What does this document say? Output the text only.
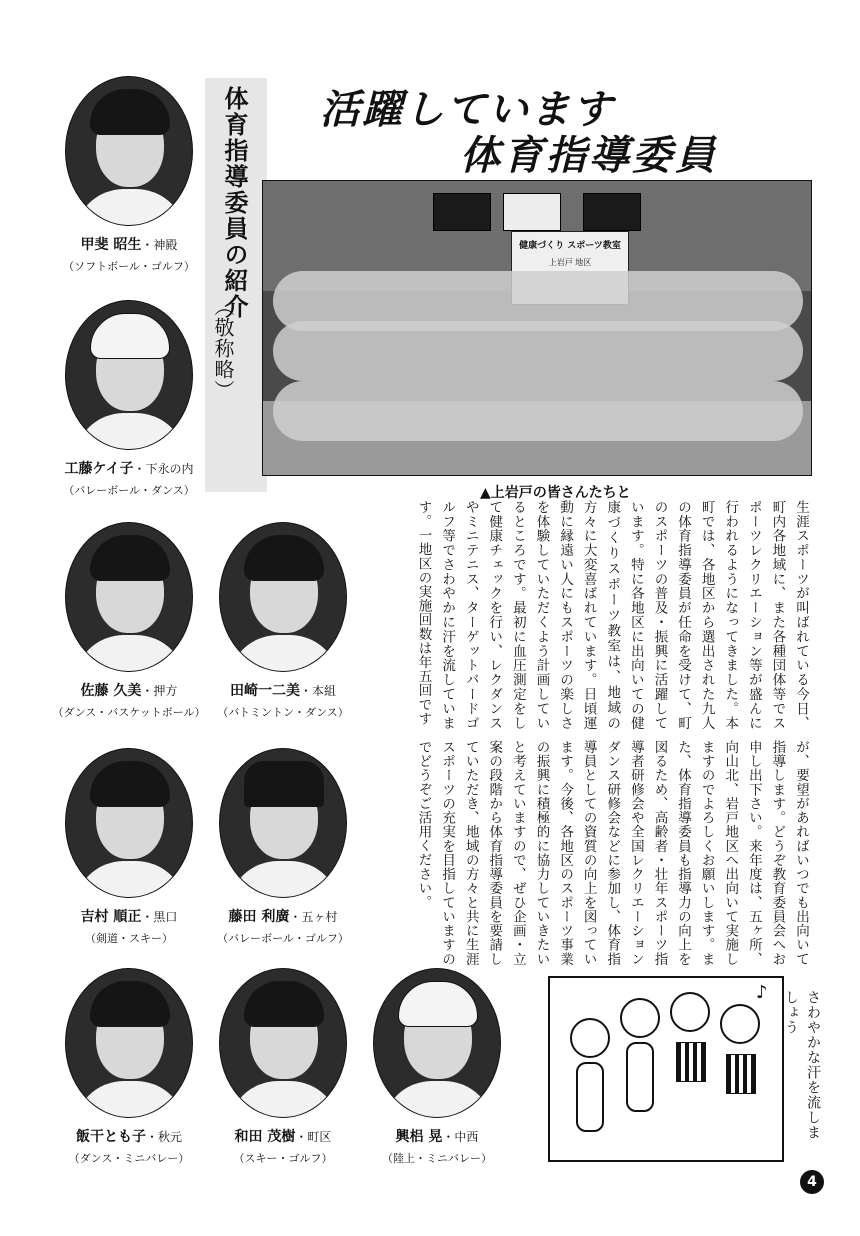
活躍しています
体育指導委員
体育指導委員の紹介
（敬称略）
甲斐 昭生・神殿
（ソフトボール・ゴルフ）
工藤ケイ子・下永の内
（バレーボール・ダンス）
佐藤 久美・押方
（ダンス・バスケットボール）
田崎一二美・本組
（バトミントン・ダンス）
吉村 順正・黒口
（剣道・スキー）
藤田 利廣・五ヶ村
（バレーボール・ゴルフ）
飯干とも子・秋元
（ダンス・ミニバレー）
和田 茂樹・町区
（スキー・ゴルフ）
興梠 晃・中西
（陸上・ミニバレー）
健康づくり スポーツ教室
上岩戸 地区
▲上岩戸の皆さんたちと
生涯スポーツが叫ばれている今日、町内各地域に、また各種団体等でスポーツレクリエーション等が盛んに行われるようになってきました。本町では、各地区から選出された九人の体育指導委員が任命を受けて、町のスポーツの普及・振興に活躍しています。特に各地区に出向いての健康づくりスポーツ教室は、地域の方々に大変喜ばれています。日頃運動に縁遠い人にもスポーツの楽しさを体験していただくよう計画しているところです。最初に血圧測定をして健康チェックを行い、レクダンスやミニテニス、ターゲットバードゴルフ等でさわやかに汗を流しています。一地区の実施回数は年五回です
が、要望があればいつでも出向いて指導します。どうぞ教育委員会へお申し出下さい。来年度は、五ヶ所、向山北、岩戸地区へ出向いて実施しますのでよろしくお願いします。また、体育指導委員も指導力の向上を図るため、高齢者・壮年スポーツ指導者研修会や全国レクリエーションダンス研修会などに参加し、体育指導員としての資質の向上を図っています。今後、各地区のスポーツ事業の振興に積極的に協力していきたいと考えていますので、ぜひ企画・立案の段階から体育指導委員を要請していただき、地域の方々と共に生涯スポーツの充実を目指していますのでどうぞご活用ください。
♪	さわやかな汗を流しましょう
4
